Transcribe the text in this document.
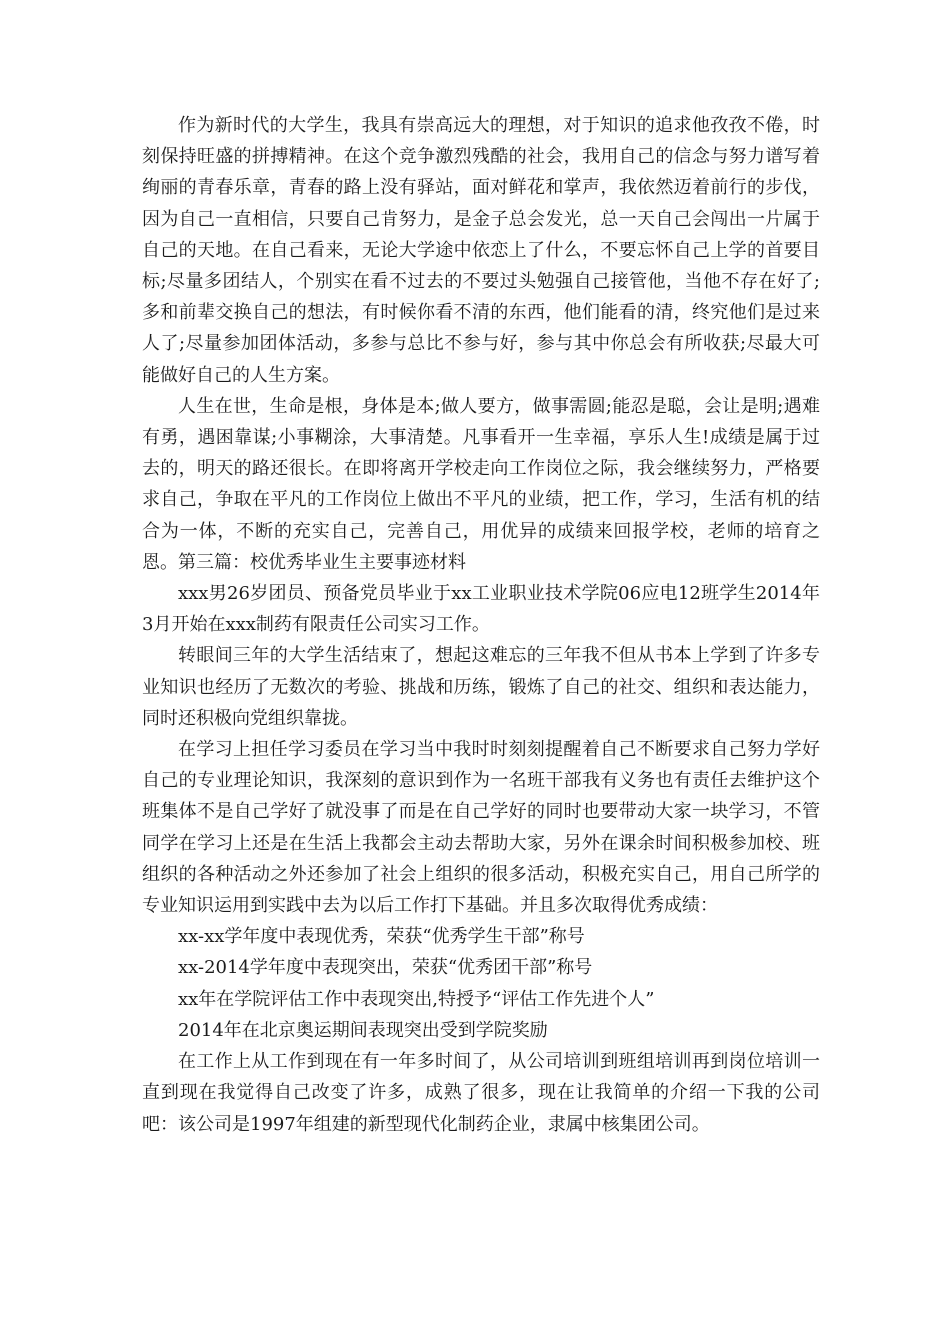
作为新时代的大学生，我具有崇高远大的理想，对于知识的追求他孜孜不倦，时刻保持旺盛的拼搏精神。在这个竞争激烈残酷的社会，我用自己的信念与努力谱写着绚丽的青春乐章，青春的路上没有驿站，面对鲜花和掌声，我依然迈着前行的步伐，因为自己一直相信，只要自己肯努力，是金子总会发光，总一天自己会闯出一片属于自己的天地。在自己看来，无论大学途中依恋上了什么，不要忘怀自己上学的首要目标;尽量多团结人，个别实在看不过去的不要过头勉强自己接管他，当他不存在好了;多和前辈交换自己的想法，有时候你看不清的东西，他们能看的清，终究他们是过来人了;尽量参加团体活动，多参与总比不参与好，参与其中你总会有所收获;尽最大可能做好自己的人生方案。

人生在世，生命是根，身体是本;做人要方，做事需圆;能忍是聪，会让是明;遇难有勇，遇困靠谋;小事糊涂，大事清楚。凡事看开一生幸福，享乐人生!成绩是属于过去的，明天的路还很长。在即将离开学校走向工作岗位之际，我会继续努力，严格要求自己，争取在平凡的工作岗位上做出不平凡的业绩，把工作，学习，生活有机的结合为一体，不断的充实自己，完善自己，用优异的成绩来回报学校，老师的培育之恩。第三篇：校优秀毕业生主要事迹材料

xxx男26岁团员、预备党员毕业于xx工业职业技术学院06应电12班学生2014年3月开始在xxx制药有限责任公司实习工作。

转眼间三年的大学生活结束了，想起这难忘的三年我不但从书本上学到了许多专业知识也经历了无数次的考验、挑战和历练，锻炼了自己的社交、组织和表达能力，同时还积极向党组织靠拢。

在学习上担任学习委员在学习当中我时时刻刻提醒着自己不断要求自己努力学好自己的专业理论知识，我深刻的意识到作为一名班干部我有义务也有责任去维护这个班集体不是自己学好了就没事了而是在自己学好的同时也要带动大家一块学习，不管同学在学习上还是在生活上我都会主动去帮助大家，另外在课余时间积极参加校、班组织的各种活动之外还参加了社会上组织的很多活动，积极充实自己，用自己所学的专业知识运用到实践中去为以后工作打下基础。并且多次取得优秀成绩：

xx-xx学年度中表现优秀，荣获“优秀学生干部”称号

xx-2014学年度中表现突出，荣获“优秀团干部”称号

xx年在学院评估工作中表现突出,特授予“评估工作先进个人”

2014年在北京奥运期间表现突出受到学院奖励

在工作上从工作到现在有一年多时间了，从公司培训到班组培训再到岗位培训一直到现在我觉得自己改变了许多，成熟了很多，现在让我简单的介绍一下我的公司吧：该公司是1997年组建的新型现代化制药企业，隶属中核集团公司。
